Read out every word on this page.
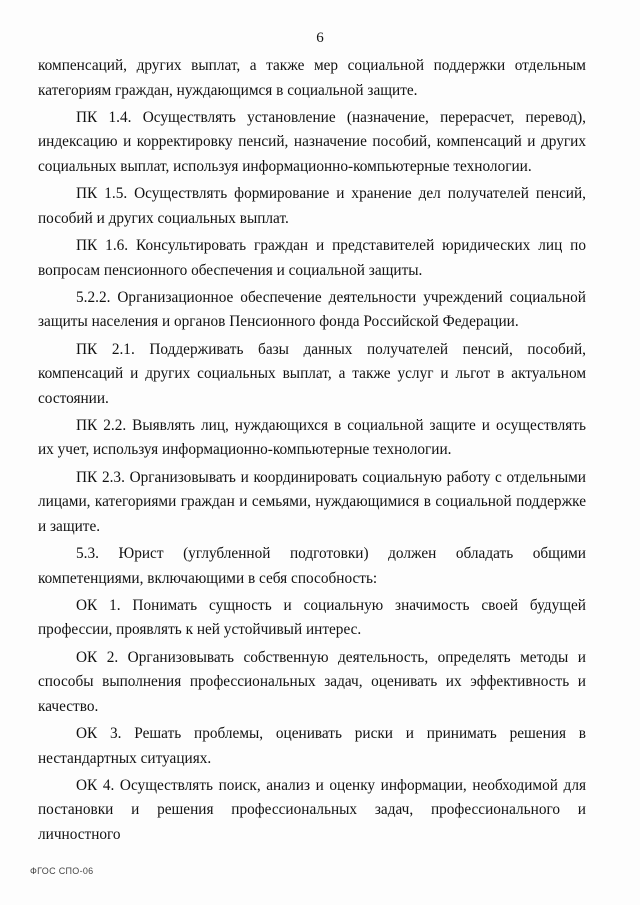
6

компенсаций, других выплат, а также мер социальной поддержки отдельным категориям граждан, нуждающимся в социальной защите.

ПК 1.4. Осуществлять установление (назначение, перерасчет, перевод), индексацию и корректировку пенсий, назначение пособий, компенсаций и других социальных выплат, используя информационно-компьютерные технологии.

ПК 1.5. Осуществлять формирование и хранение дел получателей пенсий, пособий и других социальных выплат.

ПК 1.6. Консультировать граждан и представителей юридических лиц по вопросам пенсионного обеспечения и социальной защиты.

5.2.2. Организационное обеспечение деятельности учреждений социальной защиты населения и органов Пенсионного фонда Российской Федерации.

ПК 2.1. Поддерживать базы данных получателей пенсий, пособий, компенсаций и других социальных выплат, а также услуг и льгот в актуальном состоянии.

ПК 2.2. Выявлять лиц, нуждающихся в социальной защите и осуществлять их учет, используя информационно-компьютерные технологии.

ПК 2.3. Организовывать и координировать социальную работу с отдельными лицами, категориями граждан и семьями, нуждающимися в социальной поддержке и защите.

5.3. Юрист (углубленной подготовки) должен обладать общими компетенциями, включающими в себя способность:

ОК 1. Понимать сущность и социальную значимость своей будущей профессии, проявлять к ней устойчивый интерес.

ОК 2. Организовывать собственную деятельность, определять методы и способы выполнения профессиональных задач, оценивать их эффективность и качество.

ОК 3. Решать проблемы, оценивать риски и принимать решения в нестандартных ситуациях.

ОК 4. Осуществлять поиск, анализ и оценку информации, необходимой для постановки и решения профессиональных задач, профессионального и личностного

ФГОС СПО-06
